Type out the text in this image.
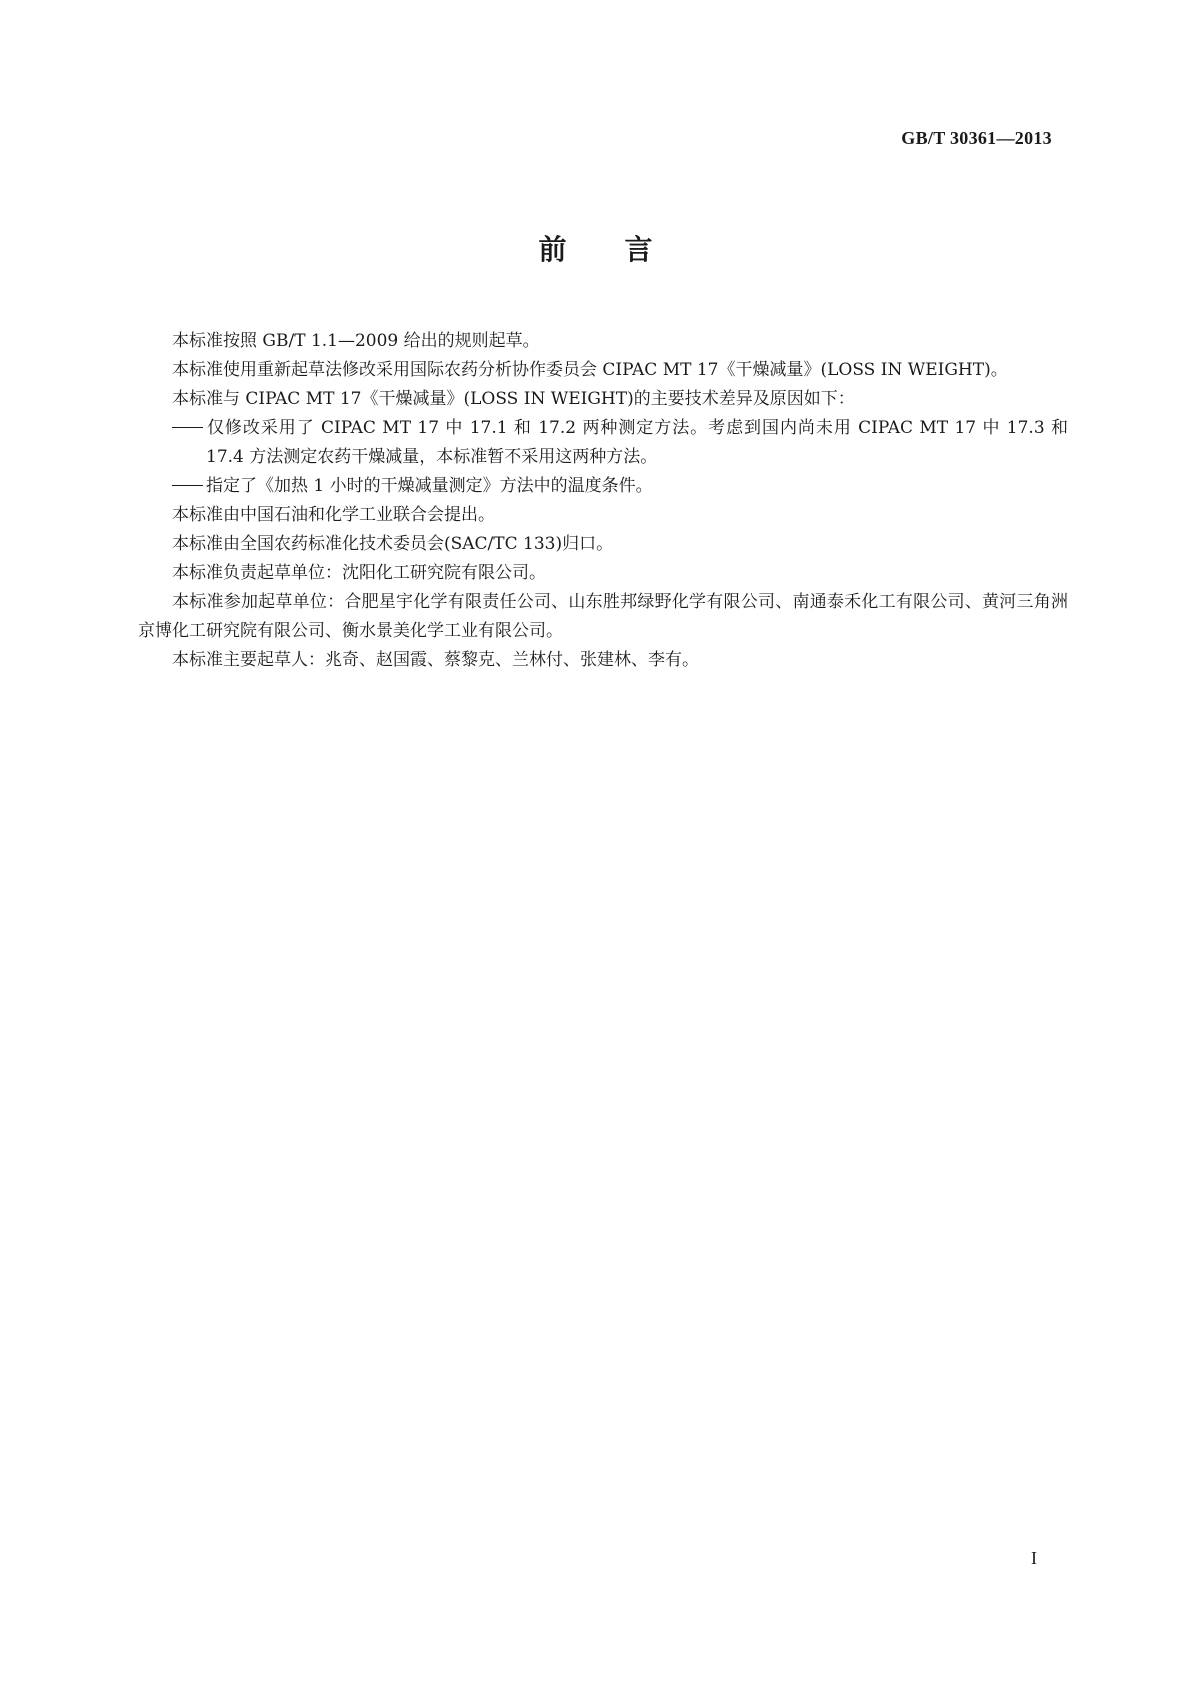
GB/T 30361—2013
前 言

本标准按照 GB/T 1.1—2009 给出的规则起草。

本标准使用重新起草法修改采用国际农药分析协作委员会 CIPAC MT 17《干燥减量》(LOSS IN WEIGHT)。

本标准与 CIPAC MT 17《干燥减量》(LOSS IN WEIGHT)的主要技术差异及原因如下：

仅修改采用了 CIPAC MT 17 中 17.1 和 17.2 两种测定方法。考虑到国内尚未用 CIPAC MT 17 中 17.3 和 17.4 方法测定农药干燥减量，本标准暂不采用这两种方法。

指定了《加热 1 小时的干燥减量测定》方法中的温度条件。

本标准由中国石油和化学工业联合会提出。

本标准由全国农药标准化技术委员会(SAC/TC 133)归口。

本标准负责起草单位：沈阳化工研究院有限公司。

本标准参加起草单位：合肥星宇化学有限责任公司、山东胜邦绿野化学有限公司、南通泰禾化工有限公司、黄河三角洲京博化工研究院有限公司、衡水景美化学工业有限公司。

本标准主要起草人：兆奇、赵国霞、蔡黎克、兰林付、张建林、李有。

I
